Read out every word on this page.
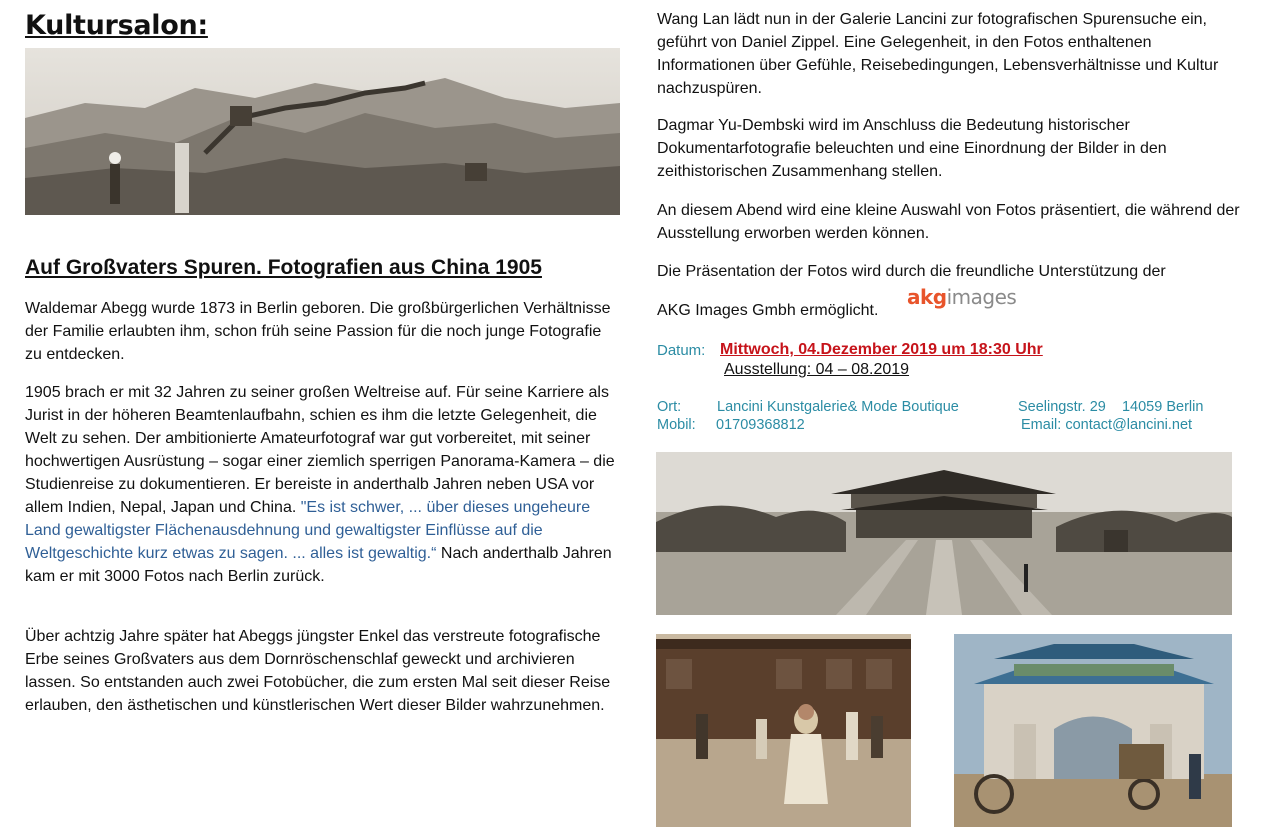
Kultursalon:
Auf Großvaters Spuren. Fotografien aus China 1905

Waldemar Abegg wurde 1873 in Berlin geboren. Die großbürgerlichen Verhältnisse der Familie erlaubten ihm, schon früh seine Passion für die noch junge Fotografie zu entdecken.

1905 brach er mit 32 Jahren zu seiner großen Weltreise auf. Für seine Karriere als Jurist in der höheren Beamtenlaufbahn, schien es ihm die letzte Gelegenheit, die Welt zu sehen. Der ambitionierte Amateurfotograf war gut vorbereitet, mit seiner hochwertigen Ausrüstung – sogar einer ziemlich sperrigen Panorama-Kamera – die Studienreise zu dokumentieren. Er bereiste in anderthalb Jahren neben USA vor allem Indien, Nepal, Japan und China. "Es ist schwer, ... über dieses ungeheure Land gewaltigster Flächenausdehnung und gewaltigster Einflüsse auf die Weltgeschichte kurz etwas zu sagen. ... alles ist gewaltig.“ Nach anderthalb Jahren kam er mit 3000 Fotos nach Berlin zurück.

Über achtzig Jahre später hat Abeggs jüngster Enkel das verstreute fotografische Erbe seines Großvaters aus dem Dornröschenschlaf geweckt und archivieren lassen. So entstanden auch zwei Fotobücher, die zum ersten Mal seit dieser Reise erlauben, den ästhetischen und künstlerischen Wert dieser Bilder wahrzunehmen.

Wang Lan lädt nun in der Galerie Lancini zur fotografischen Spurensuche ein, geführt von Daniel Zippel. Eine Gelegenheit, in den Fotos enthaltenen Informationen über Gefühle, Reisebedingungen, Lebensverhältnisse und Kultur nachzuspüren.

Dagmar Yu-Dembski wird im Anschluss die Bedeutung historischer Dokumentarfotografie beleuchten und eine Einordnung der Bilder in den zeithistorischen Zusammenhang stellen.

An diesem Abend wird eine kleine Auswahl von Fotos präsentiert, die während der Ausstellung erworben werden können.

Die Präsentation der Fotos wird durch die freundliche Unterstützung der

AKG Images Gmbh ermöglicht.

akgimages
Datum: Mittwoch, 04.Dezember 2019 um 18:30 Uhr
Ausstellung: 04 – 08.2019
Ort: Lancini Kunstgalerie& Mode Boutique	Seelingstr. 29    14059 Berlin
Mobil: 01709368812	Email: contact@lancini.net
